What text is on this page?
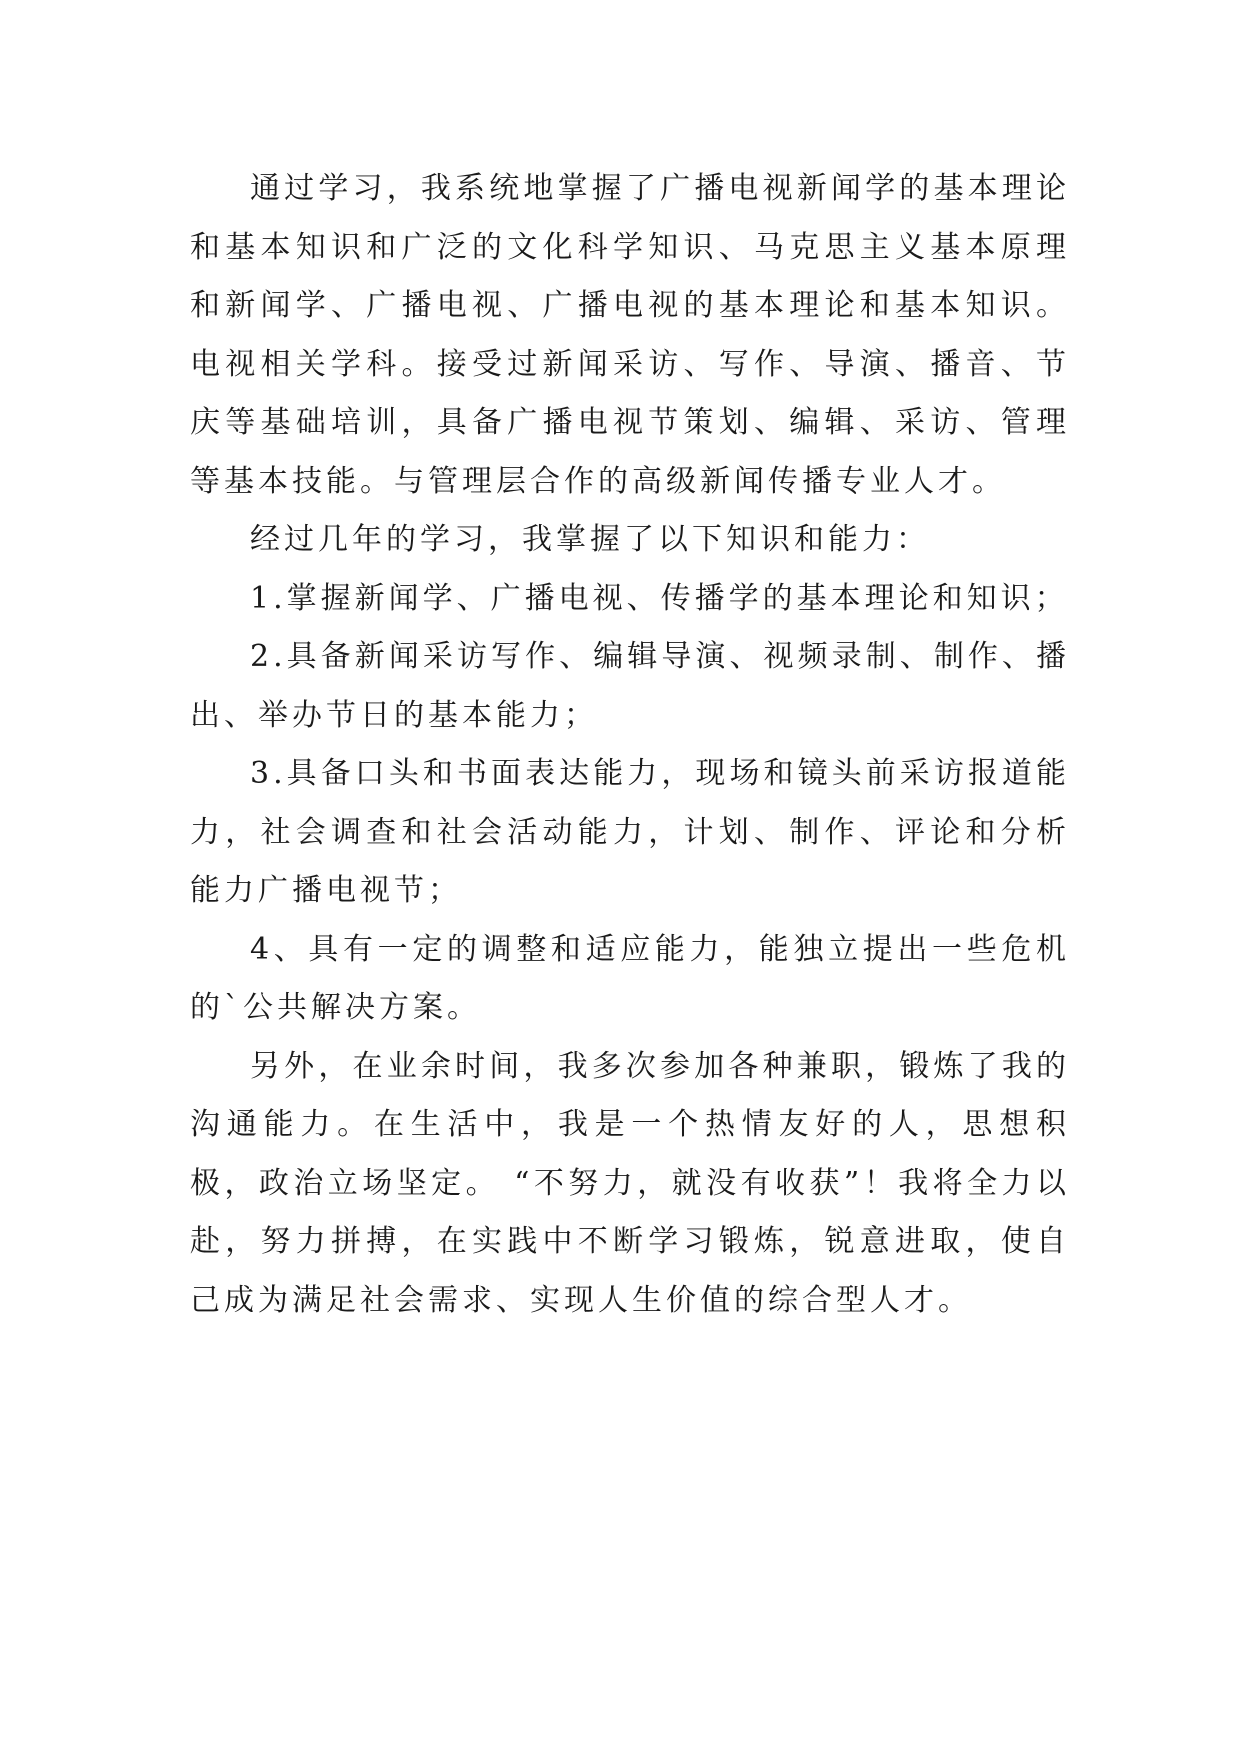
通过学习，我系统地掌握了广播电视新闻学的基本理论和基本知识和广泛的文化科学知识、马克思主义基本原理和新闻学、广播电视、广播电视的基本理论和基本知识。电视相关学科。接受过新闻采访、写作、导演、播音、节庆等基础培训，具备广播电视节策划、编辑、采访、管理等基本技能。与管理层合作的高级新闻传播专业人才。

经过几年的学习，我掌握了以下知识和能力：

1.掌握新闻学、广播电视、传播学的基本理论和知识；

2.具备新闻采访写作、编辑导演、视频录制、制作、播出、举办节日的基本能力；

3.具备口头和书面表达能力，现场和镜头前采访报道能力，社会调查和社会活动能力，计划、制作、评论和分析能力广播电视节；

4、具有一定的调整和适应能力，能独立提出一些危机的`公共解决方案。

另外，在业余时间，我多次参加各种兼职，锻炼了我的沟通能力。在生活中，我是一个热情友好的人，思想积极，政治立场坚定。 “不努力，就没有收获”！我将全力以赴，努力拼搏，在实践中不断学习锻炼，锐意进取，使自己成为满足社会需求、实现人生价值的综合型人才。
